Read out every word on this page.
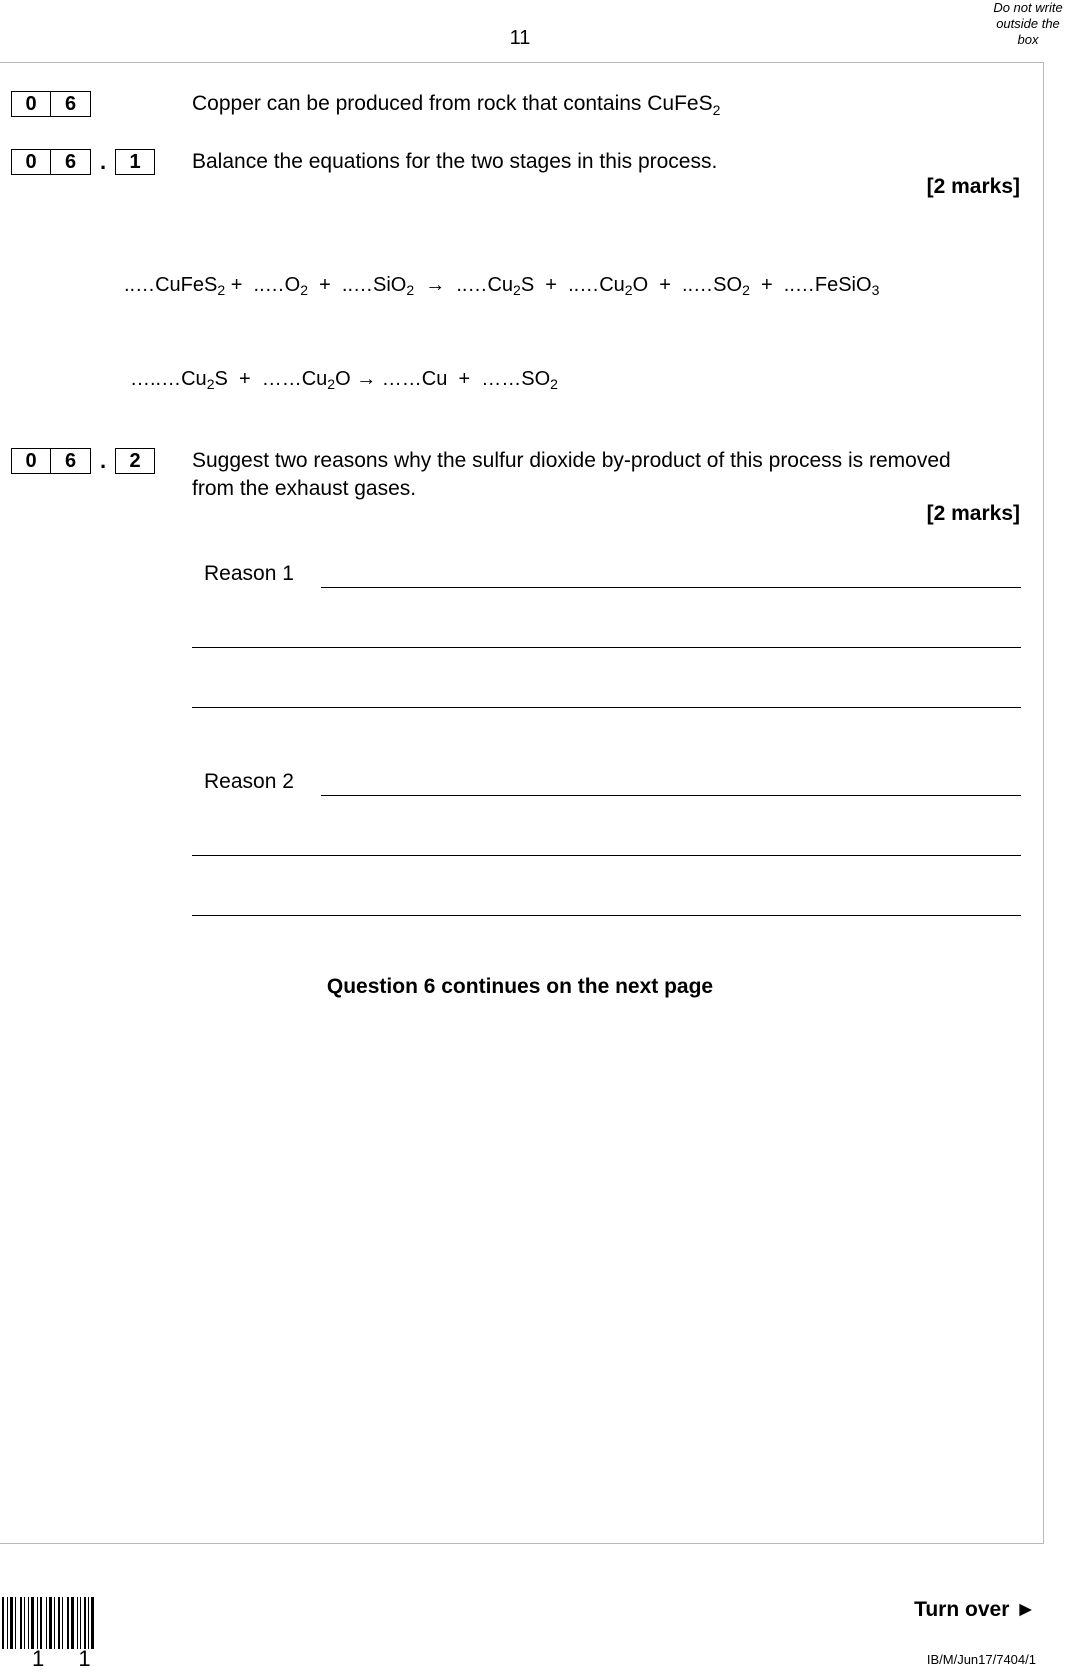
11
Do not write
outside the
box
0	6	Copper can be produced from rock that contains CuFeS$_2$
0	6	.	1	Balance the equations for the two stages in this process.
[2 marks]
..…CuFeS$_2$ +  $..\dots O_2$  +  ..…SiO$_2$  →  $..\dots Cu_2S$  +  $..\dots Cu_2O$  +  $..\dots SO_2$  +  ..…FeSiO$_3$
$\dots..\dots Cu_2S$  +  $\dots\dots Cu_2O$ → ……Cu  +  $\dots\dots SO_2$
0	6	.	2	Suggest two reasons why the sulfur dioxide by-product of this process is removed
from the exhaust gases.
[2 marks]
Reason 1
Reason 2
Question 6 continues on the next page
1 1
Turn over ►
IB/M/Jun17/7404/1
